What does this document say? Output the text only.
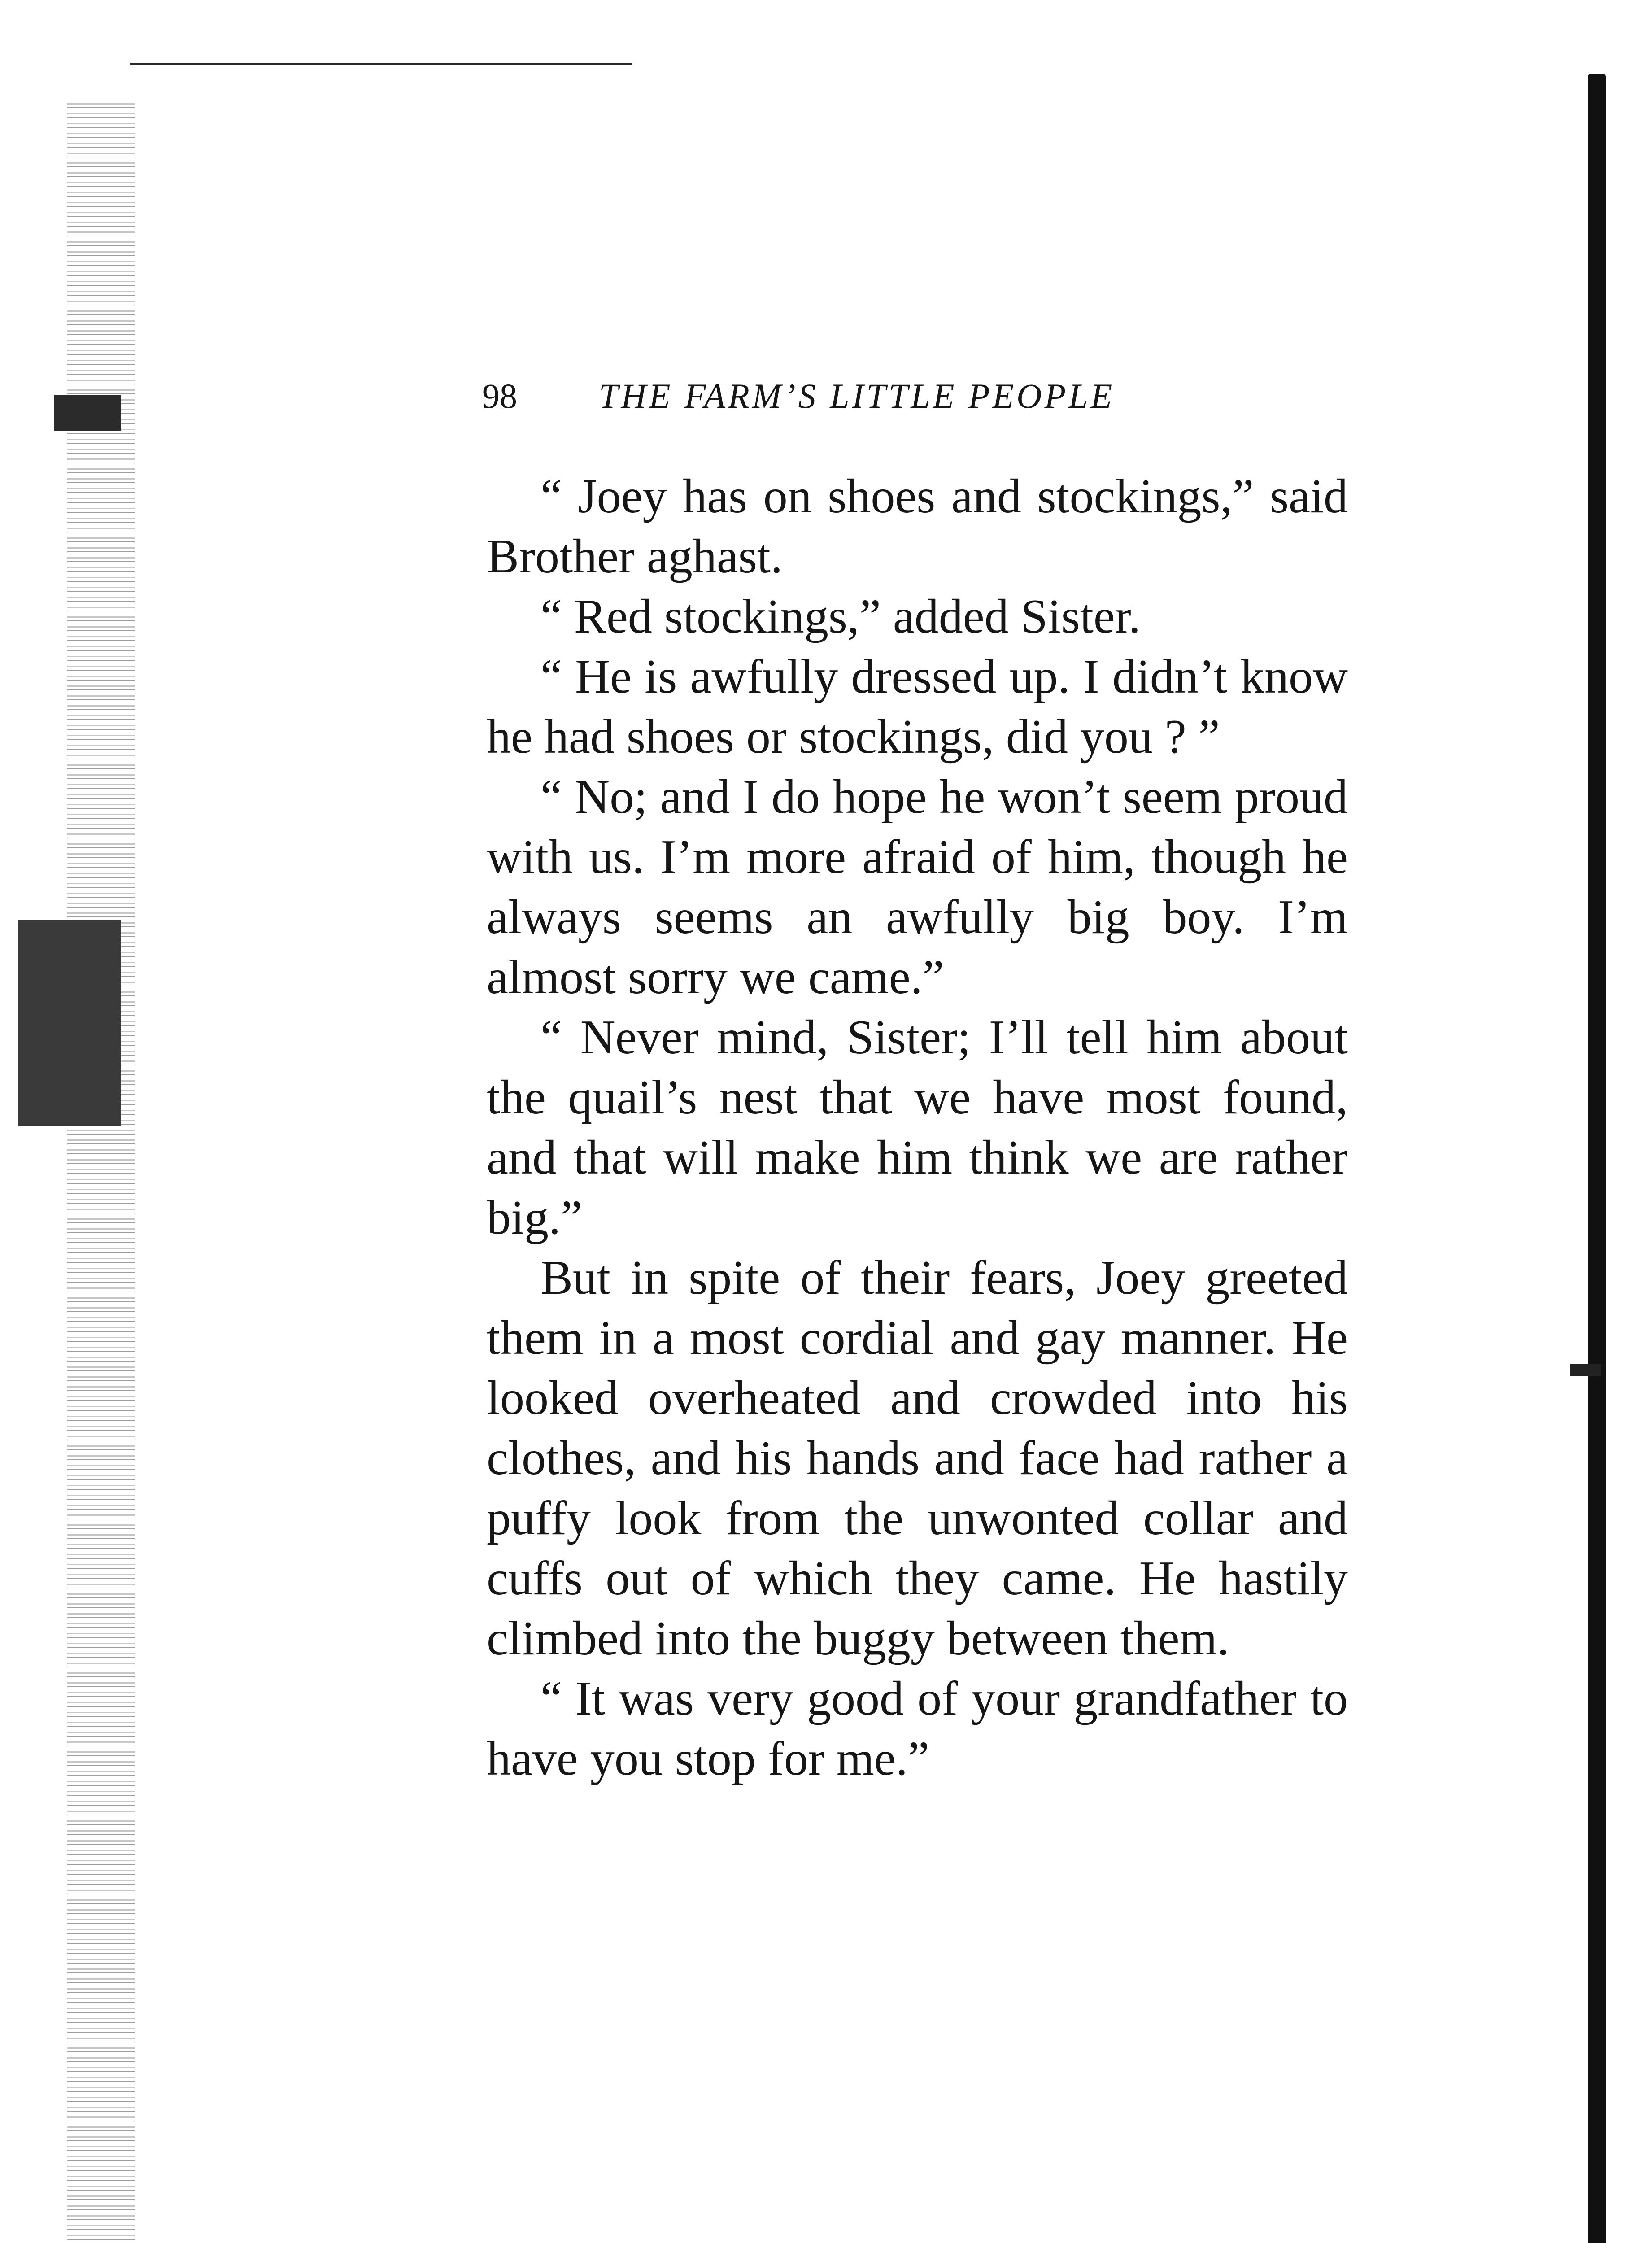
98 THE FARM’S LITTLE PEOPLE

“ Joey has on shoes and stockings,” said Brother aghast.

“ Red stockings,” added Sister.

“ He is awfully dressed up. I didn’t know he had shoes or stockings, did you ? ”

“ No; and I do hope he won’t seem proud with us. I’m more afraid of him, though he always seems an awfully big boy. I’m almost sorry we came.”

“ Never mind, Sister; I’ll tell him about the quail’s nest that we have most found, and that will make him think we are rather big.”

But in spite of their fears, Joey greeted them in a most cordial and gay manner. He looked overheated and crowded into his clothes, and his hands and face had rather a puffy look from the unwonted collar and cuffs out of which they came. He hastily climbed into the buggy between them.

“ It was very good of your grandfather to have you stop for me.”
